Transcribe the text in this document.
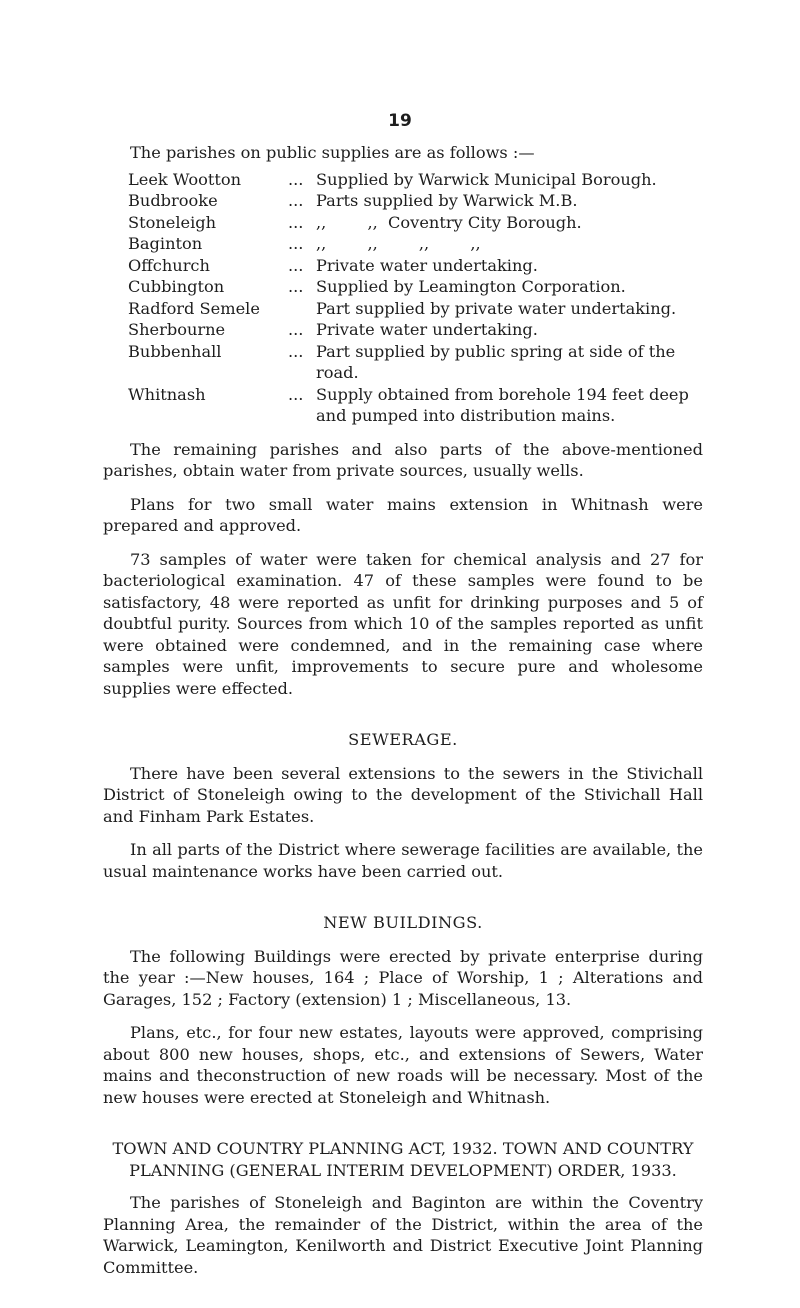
19

The parishes on public supplies are as follows :—

Leek Wootton	...	Supplied by Warwick Municipal Borough.
Budbrooke	...	Parts supplied by Warwick M.B.
Stoneleigh	...	,,        ,,  Coventry City Borough.
Baginton	...	,,        ,,        ,,        ,,
Offchurch	...	Private water undertaking.
Cubbington	...	Supplied by Leamington Corporation.
Radford Semele		Part supplied by private water undertaking.
Sherbourne	...	Private water undertaking.
Bubbenhall	...	Part supplied by public spring at side of the road.
Whitnash	...	Supply obtained from borehole 194 feet deep and pumped into distribution mains.

The remaining parishes and also parts of the above-mentioned parishes, obtain water from private sources, usually wells.

Plans for two small water mains extension in Whitnash were prepared and approved.

73 samples of water were taken for chemical analysis and 27 for bacteriological examination. 47 of these samples were found to be satisfactory, 48 were reported as unfit for drinking purposes and 5 of doubtful purity. Sources from which 10 of the samples reported as unfit were obtained were condemned, and in the remaining case where samples were unfit, improvements to secure pure and wholesome supplies were effected.

SEWERAGE.

There have been several extensions to the sewers in the Stivichall District of Stoneleigh owing to the development of the Stivichall Hall and Finham Park Estates.

In all parts of the District where sewerage facilities are available, the usual maintenance works have been carried out.

NEW BUILDINGS.

The following Buildings were erected by private enterprise during the year :—New houses, 164 ; Place of Worship, 1 ; Alterations and Garages, 152 ; Factory (extension) 1 ; Miscellaneous, 13.

Plans, etc., for four new estates, layouts were approved, comprising about 800 new houses, shops, etc., and extensions of Sewers, Water mains and theconstruction of new roads will be necessary. Most of the new houses were erected at Stoneleigh and Whitnash.

TOWN AND COUNTRY PLANNING ACT, 1932. TOWN AND COUNTRY PLANNING (GENERAL INTERIM DEVELOPMENT) ORDER, 1933.

The parishes of Stoneleigh and Baginton are within the Coventry Planning Area, the remainder of the District, within the area of the Warwick, Leamington, Kenilworth and District Executive Joint Planning Committee.
